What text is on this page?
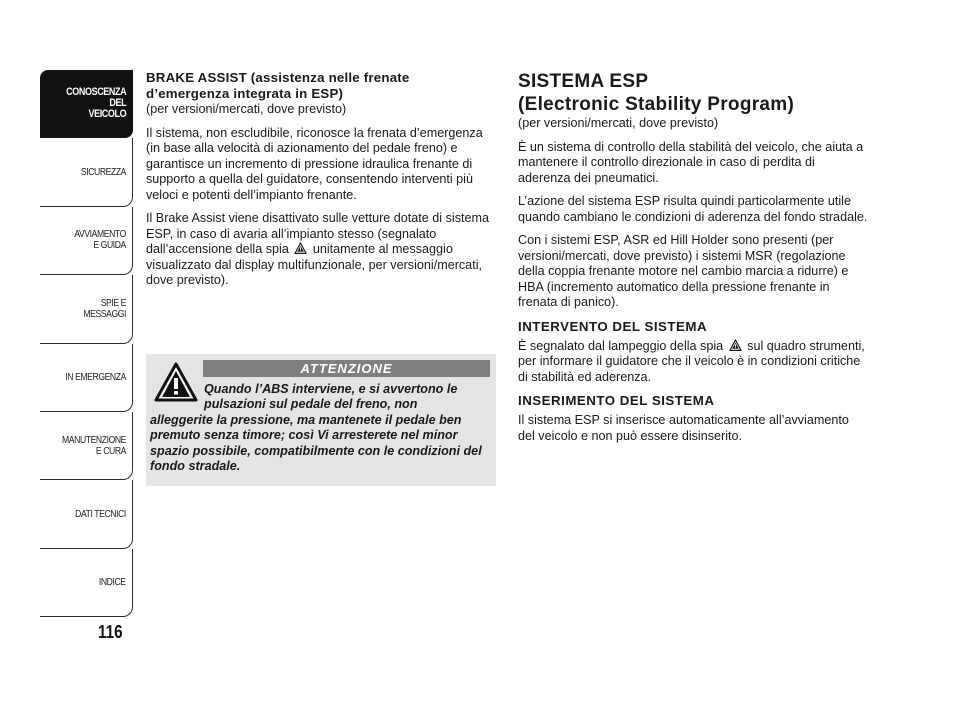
CONOSCENZA
DEL
VEICOLO
SICUREZZA
AVVIAMENTO
E GUIDA
SPIE E
MESSAGGI
IN EMERGENZA
MANUTENZIONE
E CURA
DATI TECNICI
INDICE
116
BRAKE ASSIST (assistenza nelle frenate
d’emergenza integrata in ESP)
(per versioni/mercati, dove previsto)

Il sistema, non escludibile, riconosce la frenata d’emergenza (in base alla velocità di azionamento del pedale freno) e garantisce un incremento di pressione idraulica frenante di supporto a quella del guidatore, consentendo interventi più veloci e potenti dell’impianto frenante.

Il Brake Assist viene disattivato sulle vetture dotate di sistema ESP, in caso di avaria all’impianto stesso (segnalato dall’accensione della spia unitamente al messaggio visualizzato dal display multifunzionale, per versioni/mercati, dove previsto).

ATTENZIONE
Quando l’ABS interviene, e si avvertono le pulsazioni sul pedale del freno, non
alleggerite la pressione, ma mantenete il pedale ben premuto senza timore; così Vi arresterete nel minor spazio possibile, compatibilmente con le condizioni del fondo stradale.
SISTEMA ESP
(Electronic Stability Program)
(per versioni/mercati, dove previsto)

È un sistema di controllo della stabilità del veicolo, che aiuta a mantenere il controllo direzionale in caso di perdita di aderenza dei pneumatici.

L’azione del sistema ESP risulta quindi particolarmente utile quando cambiano le condizioni di aderenza del fondo stradale.

Con i sistemi ESP, ASR ed Hill Holder sono presenti (per versioni/mercati, dove previsto) i sistemi MSR (regolazione della coppia frenante motore nel cambio marcia a ridurre) e HBA (incremento automatico della pressione frenante in frenata di panico).

INTERVENTO DEL SISTEMA

È segnalato dal lampeggio della spia sul quadro strumenti, per informare il guidatore che il veicolo è in condizioni critiche di stabilità ed aderenza.

INSERIMENTO DEL SISTEMA

Il sistema ESP si inserisce automaticamente all’avviamento del veicolo e non può essere disinserito.
